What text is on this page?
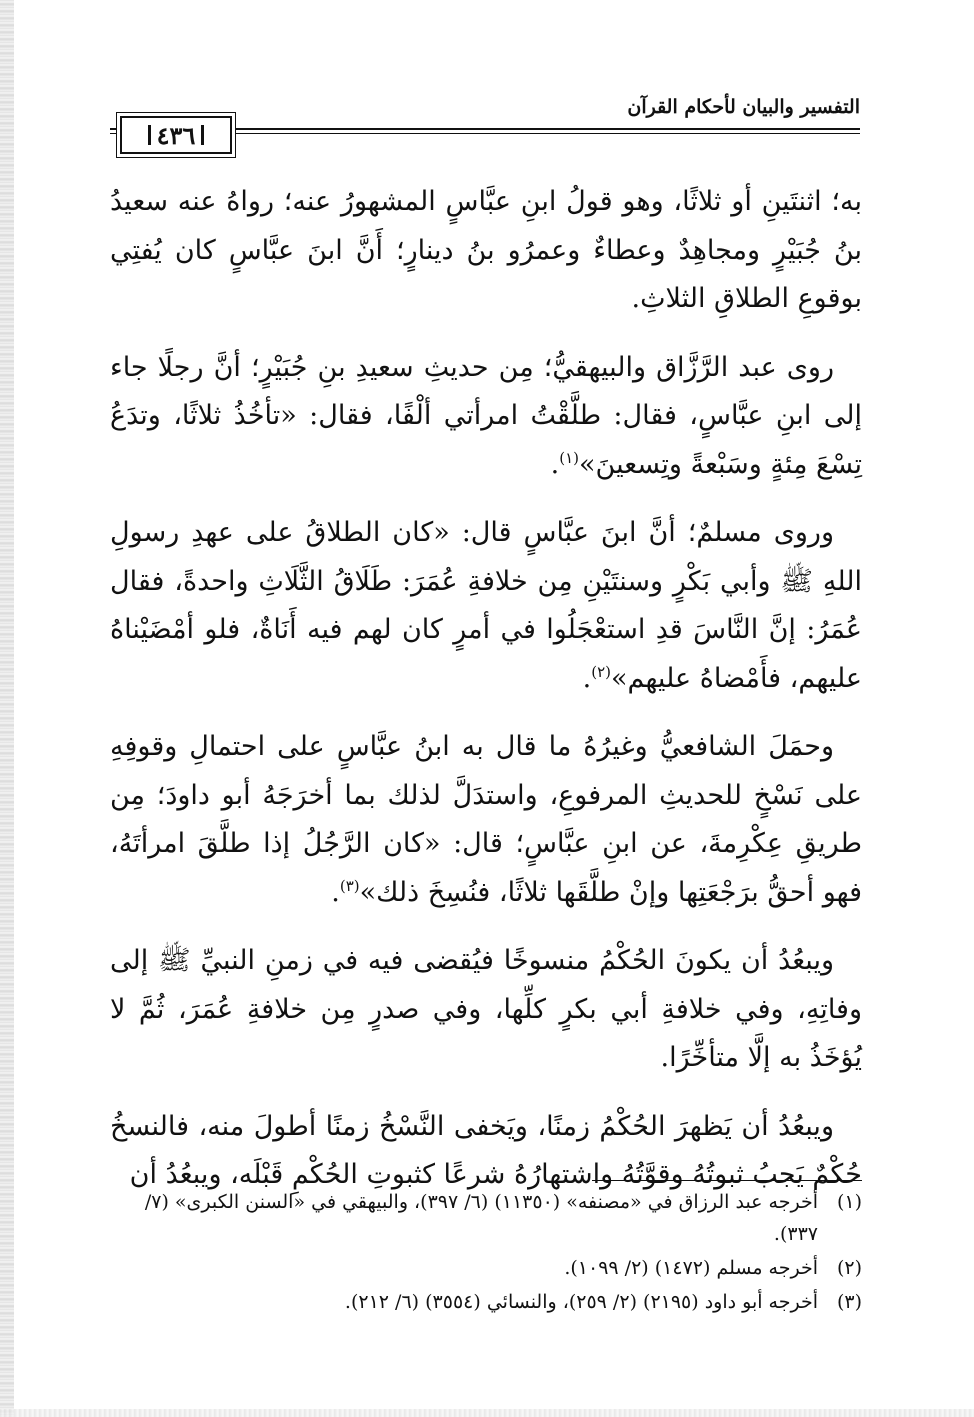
التفسير والبيان لأحكام القرآن
٤٣٦

به؛ اثنتَينِ أو ثلاثًا، وهو قولُ ابنِ عبَّاسٍ المشهورُ عنه؛ رواهُ عنه سعيدُ بنُ جُبَيْرٍ ومجاهِدٌ وعطاءٌ وعمرُو بنُ دينارٍ؛ أَنَّ ابنَ عبَّاسٍ كان يُفتِي بوقوعِ الطلاقِ الثلاثِ.

روى عبد الرَّزَّاق والبيهقيُّ؛ مِن حديثِ سعيدِ بنِ جُبَيْرٍ؛ أنَّ رجلًا جاء إلى ابنِ عبَّاسٍ، فقال: طلَّقْتُ امرأتي ألْفًا، فقال: «تأخُذُ ثلاثًا، وتدَعُ تِسْعَ مِئةٍ وسَبْعةً وتِسعينَ»$^{(١)}$.

وروى مسلمٌ؛ أنَّ ابنَ عبَّاسٍ قال: «كان الطلاقُ على عهدِ رسولِ اللهِ ﷺ وأبي بَكْرٍ وسنتَيْنِ مِن خلافةِ عُمَرَ: طَلَاقُ الثَّلَاثِ واحدةً، فقال عُمَرُ: إنَّ النَّاسَ قدِ استعْجَلُوا في أمرٍ كان لهم فيه أَنَاةٌ، فلو أمْضَيْناهُ عليهم، فأَمْضاهُ عليهم»$^{(٢)}$.

وحمَلَ الشافعيُّ وغيرُهُ ما قال به ابنُ عبَّاسٍ على احتمالِ وقوفِهِ على نَسْخٍ للحديثِ المرفوعِ، واستدَلَّ لذلك بما أخرَجَهُ أبو داودَ؛ مِن طريقِ عِكْرِمةَ، عن ابنِ عبَّاسٍ؛ قال: «كان الرَّجُلُ إذا طلَّقَ امرأتَهُ، فهو أحقُّ برَجْعَتِها وإنْ طلَّقَها ثلاثًا، فنُسِخَ ذلك»$^{(٣)}$.

ويبعُدُ أن يكونَ الحُكْمُ منسوخًا فيُقضى فيه في زمنِ النبيِّ ﷺ إلى وفاتِهِ، وفي خلافةِ أبي بكرٍ كلِّها، وفي صدرٍ مِن خلافةِ عُمَرَ، ثُمَّ لا يُؤخَذُ به إلَّا متأخِّرًا.

ويبعُدُ أن يَظهرَ الحُكْمُ زمنًا، ويَخفى النَّسْخُ زمنًا أطولَ منه، فالنسخُ حُكْمٌ يَجبُ ثبوتُهُ وقوَّتُهُ واشتهارُهُ شرعًا كثبوتِ الحُكْمِ قَبْلَه، ويبعُدُ أن

(١)
أخرجه عبد الرزاق في «مصنفه» (١١٣٥٠) (٦/ ٣٩٧)، والبيهقي في «السنن الكبرى» (٧/ ٣٣٧).
(٢)
أخرجه مسلم (١٤٧٢) (٢/ ١٠٩٩).
(٣)
أخرجه أبو داود (٢١٩٥) (٢/ ٢٥٩)، والنسائي (٣٥٥٤) (٦/ ٢١٢).
